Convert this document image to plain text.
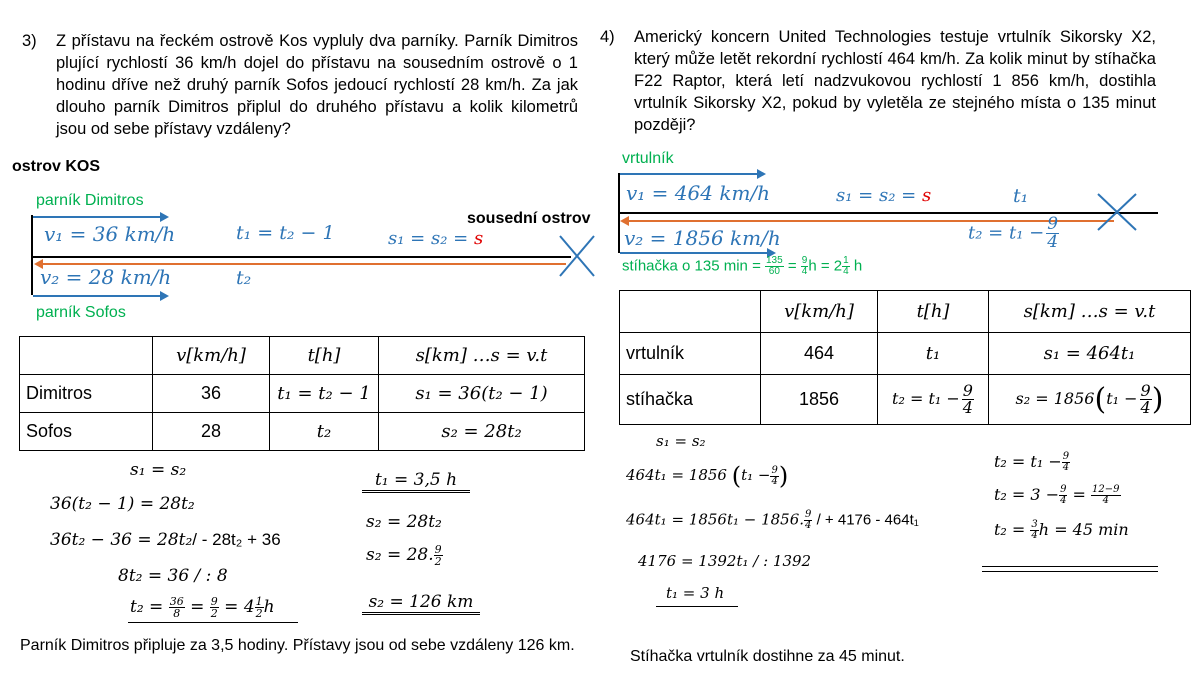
3) Z přístavu na řeckém ostrově Kos vypluly dva parníky. Parník Dimitros plující rychlostí 36 km/h dojel do přístavu na sousedním ostrově o 1 hodinu dříve než druhý parník Sofos jedoucí rychlostí 28 km/h. Za jak dlouho parník Dimitros připlul do druhého přístavu a kolik kilometrů jsou od sebe přístavy vzdáleny?
ostrov KOS
parník Dimitros
sousední ostrov
v₁ = 36 km/h	t₁ = t₂ − 1	s₁ = s₂ = s
v₂ = 28 km/h	t₂
parník Sofos
	v[km/h]	t[h]	s[km] …s = v.t
Dimitros	36	t₁ = t₂ − 1	s₁ = 36(t₂ − 1)
Sofos	28	t₂	s₂ = 28t₂
s₁ = s₂
36(t₂ − 1) = 28t₂
36t₂ − 36 = 28t₂/ - 28t₂ + 36
8t₂ = 36 / : 8
$t_2 = \frac{36}{8} = \frac{9}{2} = 4 \frac{1}{2}$ h
t₁ = 3,5 h
s₂ = 28t₂
s₂ = 28. $\frac{9}{2}$
s₂ = 126 km
Parník Dimitros připluje za 3,5 hodiny. Přístavy jsou od sebe vzdáleny 126 km.
4) Americký koncern United Technologies testuje vrtulník Sikorsky X2, který může letět rekordní rychlostí 464 km/h. Za kolik minut by stíhačka F22 Raptor, která letí nadzvukovou rychlostí 1 856 km/h, dostihla vrtulník Sikorsky X2, pokud by vyletěla ze stejného místa o 135 minut později?
vrtulník
v₁ = 464 km/h	s₁ = s₂ = s	t₁
v₂ = 1856 km/h	$t_2 = t_1 - \frac{9}{4}$
stíhačka o 135 $\min = \frac{135}{60} = \frac{9}{4}$ $h = 2 \frac{1}{4}$ h
	v[km/h]	t[h]	s[km] …s = v.t
vrtulník	464	t₁	s₁ = 464t₁
stíhačka	1856	$t_2 = t_1 - \frac{9}{4}$	$s_2 = 1856(t_1 - \frac{9}{4}$ )
s₁ = s₂
464t₁ = 1856 ($t_1 - \frac{9}{4}$ )
464t₁ = 1856t₁ − 1856. $\frac{9}{4}$ / + 4176 - 464t₁
4176 = 1392t₁ / : 1392
t₁ = 3 h
$t_2 = t_1 - \frac{9}{4}$
$t_2 = 3 - \frac{9}{4} = \frac{12-9}{4}$
$t_2 = \frac{3}{4}$ h = 45 min
Stíhačka vrtulník dostihne za 45 minut.
